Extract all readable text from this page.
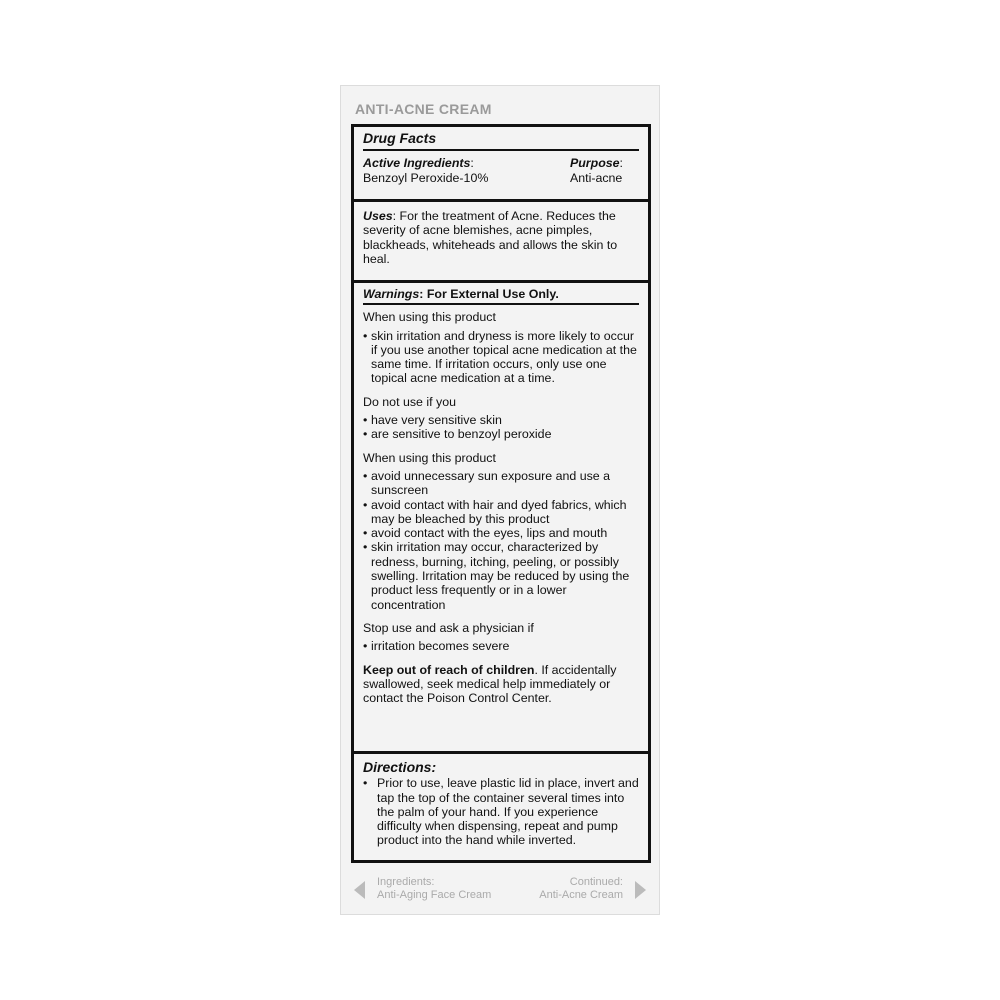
ANTI-ACNE CREAM
Drug Facts
Active Ingredients:
Benzoyl Peroxide-10%
Purpose:
Anti-acne
Uses: For the treatment of Acne. Reduces the severity of acne blemishes, acne pimples, blackheads, whiteheads and allows the skin to heal.
Warnings: For External Use Only.
When using this product
• skin irritation and dryness is more likely to occur if you use another topical acne medication at the same time. If irritation occurs, only use one topical acne medication at a time.
Do not use if you
• have very sensitive skin
• are sensitive to benzoyl peroxide
When using this product
• avoid unnecessary sun exposure and use a sunscreen
• avoid contact with hair and dyed fabrics, which may be bleached by this product
• avoid contact with the eyes, lips and mouth
• skin irritation may occur, characterized by redness, burning, itching, peeling, or possibly swelling. Irritation may be reduced by using the product less frequently or in a lower concentration
Stop use and ask a physician if
• irritation becomes severe
Keep out of reach of children. If accidentally swallowed, seek medical help immediately or contact the Poison Control Center.
Directions:
• Prior to use, leave plastic lid in place, invert and tap the top of the container several times into the palm of your hand. If you experience difficulty when dispensing, repeat and pump product into the hand while inverted.
Ingredients:
Anti-Aging Face Cream
Continued:
Anti-Acne Cream
